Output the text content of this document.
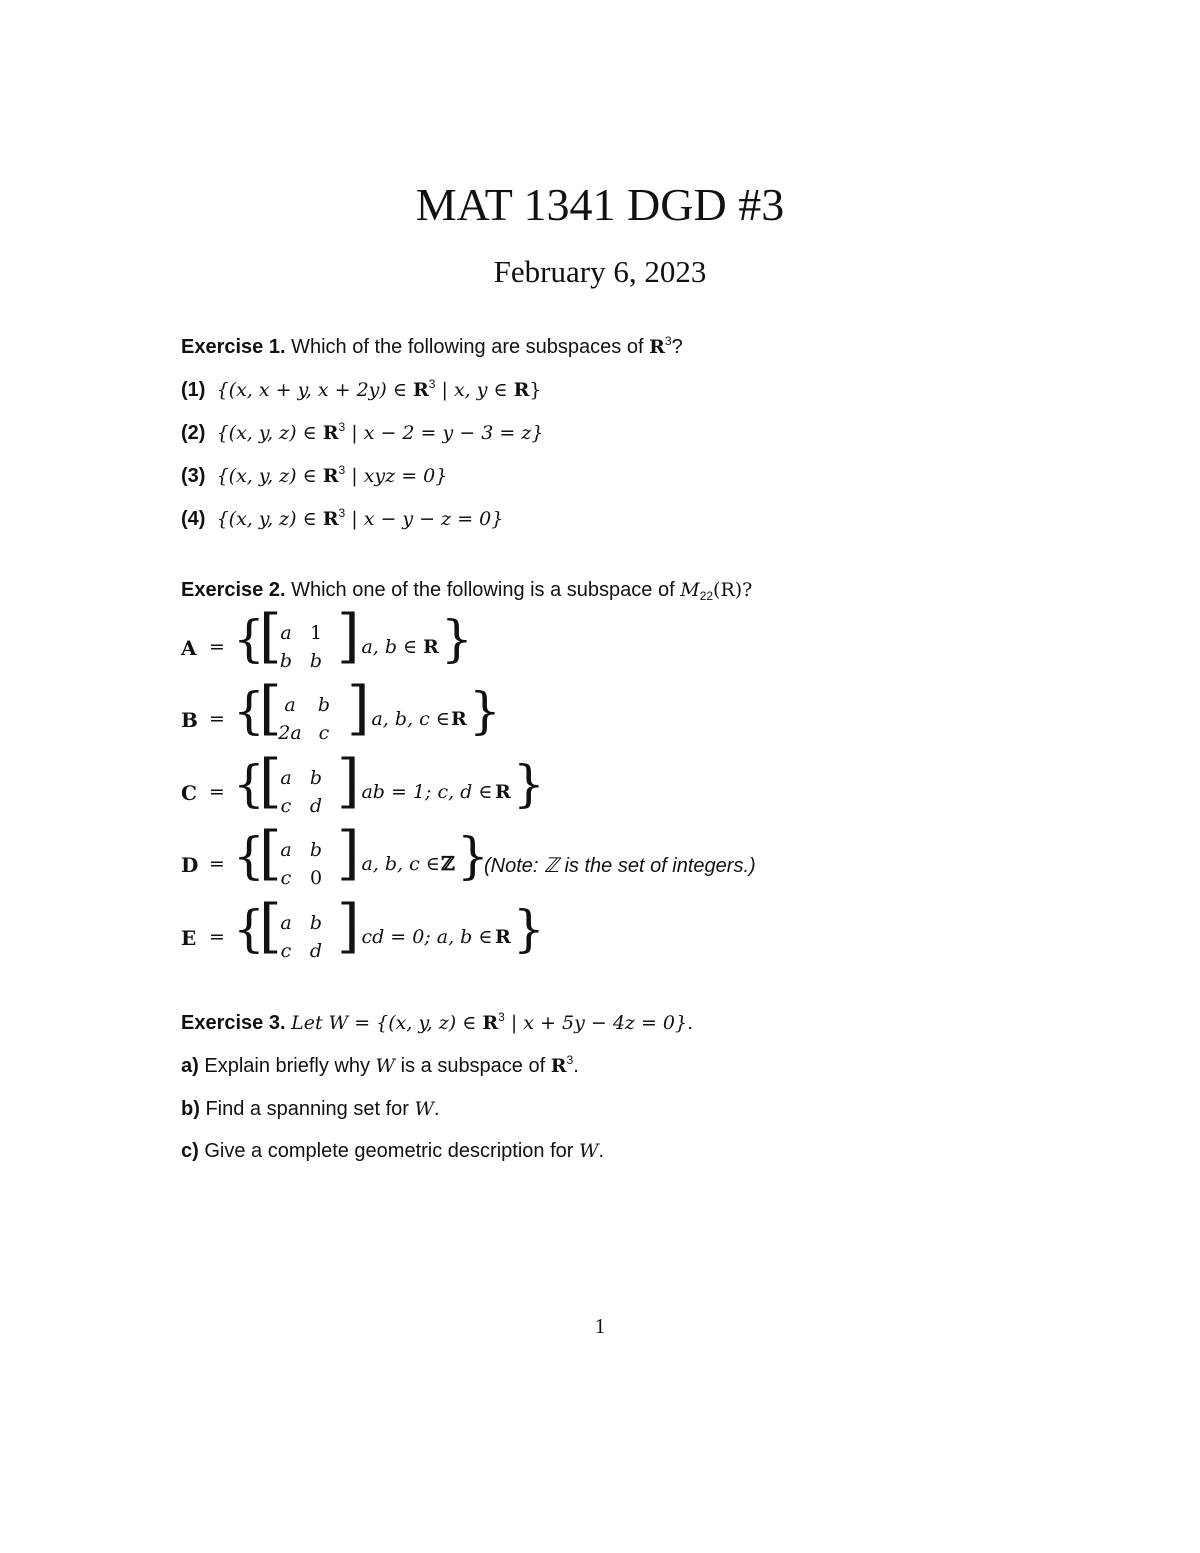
MAT 1341 DGD #3
February 6, 2023
Exercise 1. Which of the following are subspaces of $R^3$?
(1) {(x, x + y, x + 2y) ∈ $R^3$ | x, y ∈ R}
(2) {(x, y, z) ∈ $R^3$ | x − 2 = y − 3 = z}
(3) {(x, y, z) ∈ $R^3$ | xyz = 0}
(4) {(x, y, z) ∈ $R^3$ | x − y − z = 0}
Exercise 2. Which one of the following is a subspace of $M_{22}(R)$?
A = {
[
a 1
b b ]
: a, b ∈ R }
B = {
[ a	b
2a c ]
: a, b, c ∈ R }
C = {
[
a b
c d ]
: ab = 1; c, d ∈ R }
D = {
[
a b
c 0 ]
: a, b, c ∈ ℤ }
(Note: ℤ is the set of integers.)
E = {
[
a b
c d ]
: cd = 0; a, b ∈ R }
Exercise 3. Let W = {(x, y, z) ∈ $R^3$ | x + 5y − 4z = 0}.
a) Explain briefly why W is a subspace of $R^3$.
b) Find a spanning set for W.
c) Give a complete geometric description for W.
1
